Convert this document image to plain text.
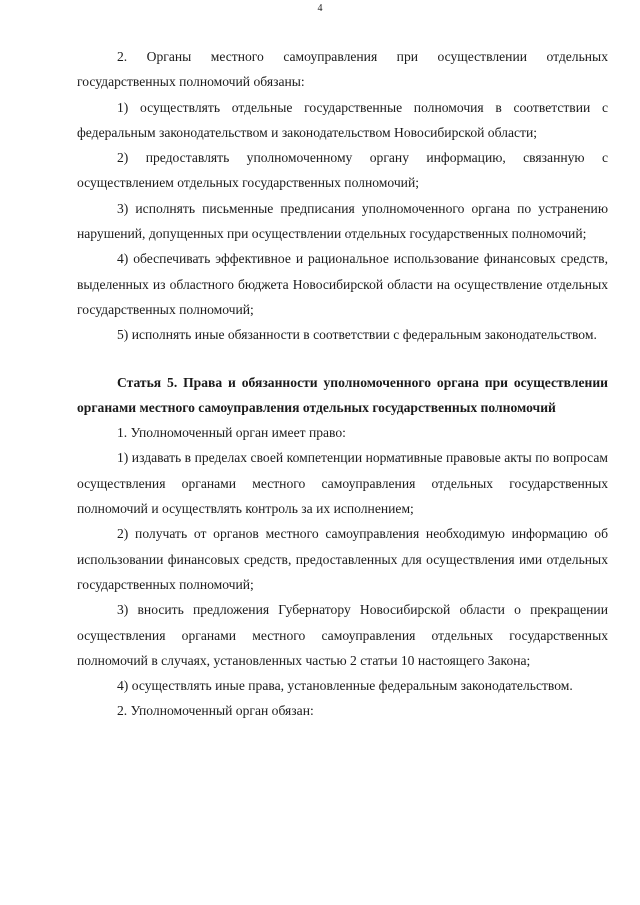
4

2. Органы местного самоуправления при осуществлении отдельных государственных полномочий обязаны:

1) осуществлять отдельные государственные полномочия в соответствии с федеральным законодательством и законодательством Новосибирской области;

2) предоставлять уполномоченному органу информацию, связанную с осуществлением отдельных государственных полномочий;

3) исполнять письменные предписания уполномоченного органа по устранению нарушений, допущенных при осуществлении отдельных государственных полномочий;

4) обеспечивать эффективное и рациональное использование финансовых средств, выделенных из областного бюджета Новосибирской области на осуществление отдельных государственных полномочий;

5) исполнять иные обязанности в соответствии с федеральным законодательством.

Статья 5. Права и обязанности уполномоченного органа при осуществлении органами местного самоуправления отдельных государственных полномочий

1. Уполномоченный орган имеет право:

1) издавать в пределах своей компетенции нормативные правовые акты по вопросам осуществления органами местного самоуправления отдельных государственных полномочий и осуществлять контроль за их исполнением;

2) получать от органов местного самоуправления необходимую информацию об использовании финансовых средств, предоставленных для осуществления ими отдельных государственных полномочий;

3) вносить предложения Губернатору Новосибирской области о прекращении осуществления органами местного самоуправления отдельных государственных полномочий в случаях, установленных частью 2 статьи 10 настоящего Закона;

4) осуществлять иные права, установленные федеральным законодательством.

2. Уполномоченный орган обязан:
